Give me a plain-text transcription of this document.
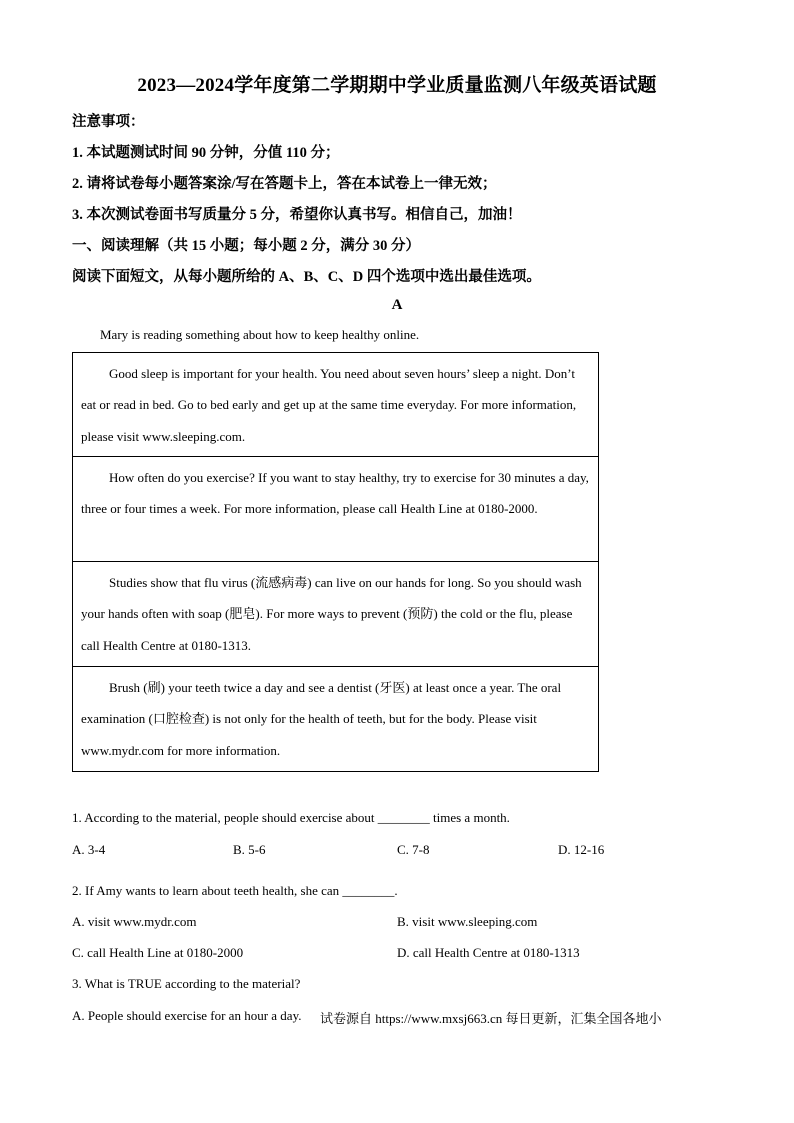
2023—2024学年度第二学期期中学业质量监测八年级英语试题
注意事项：
1. 本试题测试时间 90 分钟，分值 110 分；
2. 请将试卷每小题答案涂/写在答题卡上，答在本试卷上一律无效；
3. 本次测试卷面书写质量分 5 分，希望你认真书写。相信自己，加油！
一、阅读理解（共 15 小题；每小题 2 分，满分 30 分）
阅读下面短文，从每小题所给的 A、B、C、D 四个选项中选出最佳选项。
A
Mary is reading something about how to keep healthy online.

Good sleep is important for your health. You need about seven hours’ sleep a night. Don’t eat or read in bed. Go to bed early and get up at the same time everyday. For more information, please visit www.sleeping.com.

How often do you exercise? If you want to stay healthy, try to exercise for 30 minutes a day, three or four times a week. For more information, please call Health Line at 0180-2000.

Studies show that flu virus (流感病毒) can live on our hands for long. So you should wash your hands often with soap (肥皂). For more ways to prevent (预防) the cold or the flu, please call Health Centre at 0180-1313.

Brush (刷) your teeth twice a day and see a dentist (牙医) at least once a year. The oral examination (口腔检查) is not only for the health of teeth, but for the body. Please visit www.mydr.com for more information.

1. According to the material, people should exercise about ________ times a month.
A. 3-4	B. 5-6	C. 7-8	D. 12-16
2. If Amy wants to learn about teeth health, she can ________.
A. visit www.mydr.com	B. visit www.sleeping.com
C. call Health Line at 0180-2000	D. call Health Centre at 0180-1313
3. What is TRUE according to the material?
A. People should exercise for an hour a day. 试卷源自 https://www.mxsj663.cn 每日更新，汇集全国各地小
